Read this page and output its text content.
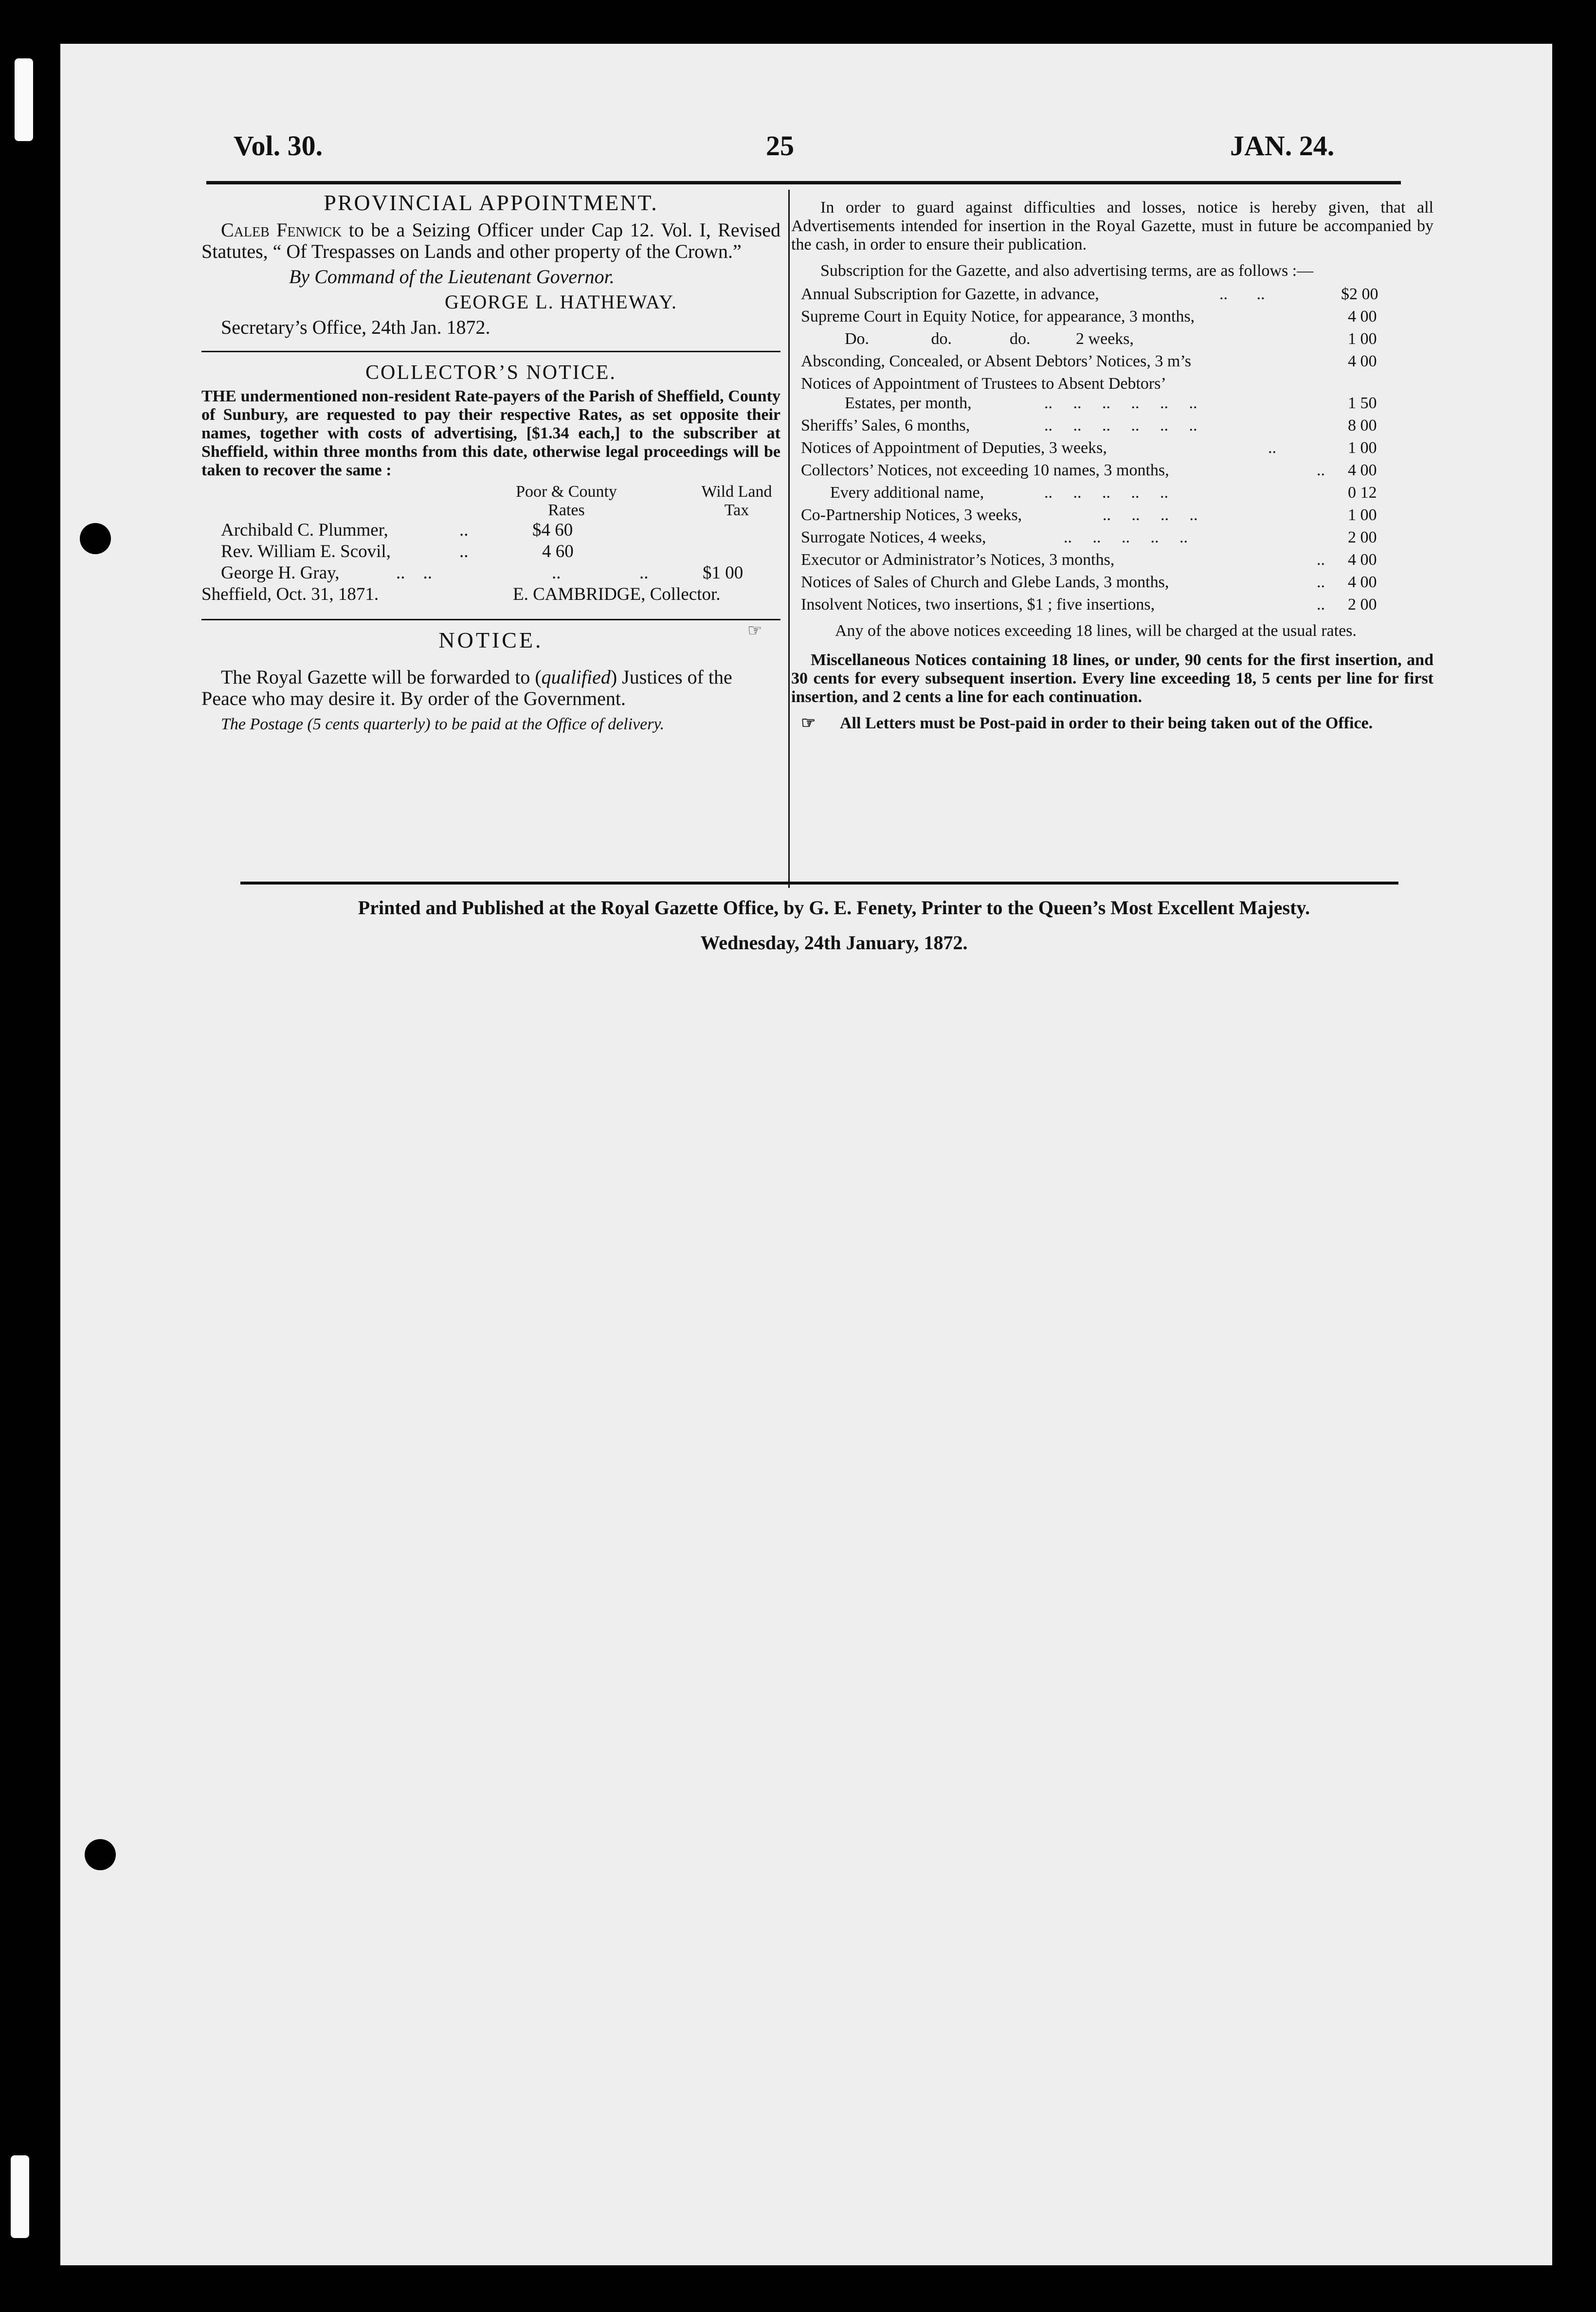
Vol. 30.	25	JAN. 24.
PROVINCIAL APPOINTMENT.

Caleb Fenwick to be a Seizing Officer under Cap 12. Vol. I, Revised Statutes, “ Of Trespasses on Lands and other property of the Crown.”

By Command of the Lieutenant Governor.

GEORGE L. HATHEWAY.

Secretary’s Office, 24th Jan. 1872.

COLLECTOR’S NOTICE.

THE undermentioned non-resident Rate-payers of the Parish of Sheffield, County of Sunbury, are requested to pay their respective Rates, as set opposite their names, together with costs of advertising, [$1.34 each,] to the subscriber at Sheffield, within three months from this date, otherwise legal proceedings will be taken to recover the same :

Poor & County
Rates
Wild Land
Tax
Archibald C. Plummer,	..	$4 60
Rev. William E. Scovil,	..	4 60
George H. Gray,	..    ..	..	..	$1 00
Sheffield, Oct. 31, 1871.	E. CAMBRIDGE, Collector.
NOTICE.

The Royal Gazette will be forwarded to (qualified) Justices of the Peace who may desire it. By order of the Government.

The Postage (5 cents quarterly) to be paid at the Office of delivery.

In order to guard against difficulties and losses, notice is hereby given, that all Advertisements intended for insertion in the Royal Gazette, must in future be accompanied by the cash, in order to ensure their publication.

Subscription for the Gazette, and also advertising terms, are as follows :—

Annual Subscription for Gazette, in advance,	..       ..	$2 00
Supreme Court in Equity Notice, for appearance, 3 months,	4 00
Do.               do.              do.           2 weeks,	1 00
Absconding, Concealed, or Absent Debtors’ Notices, 3 m’s	4 00
Notices of Appointment of Trustees to Absent Debtors’
Estates, per month,	..     ..     ..     ..     ..     ..	1 50
Sheriffs’ Sales, 6 months,	..     ..     ..     ..     ..     ..	8 00
Notices of Appointment of Deputies, 3 weeks,	..	1 00
Collectors’ Notices, not exceeding 10 names, 3 months,	.. 4 00
Every additional name,	..     ..     ..     ..     ..	0 12
Co-Partnership Notices, 3 weeks,	..     ..     ..     ..	1 00
Surrogate Notices, 4 weeks,	..     ..     ..     ..     ..	2 00
Executor or Administrator’s Notices, 3 months,	.. 4 00
Notices of Sales of Church and Glebe Lands, 3 months,	.. 4 00
Insolvent Notices, two insertions, $1 ; five insertions,	.. 2 00

☞	Any of the above notices exceeding 18 lines, will be charged at the usual rates.

Miscellaneous Notices containing 18 lines, or under, 90 cents for the first insertion, and 30 cents for every subsequent insertion. Every line exceeding 18, 5 cents per line for first insertion, and 2 cents a line for each continuation.

☞ All Letters must be Post-paid in order to their being taken out of the Office.

Printed and Published at the Royal Gazette Office, by G. E. Fenety, Printer to the Queen’s Most Excellent Majesty.
Wednesday, 24th January, 1872.
